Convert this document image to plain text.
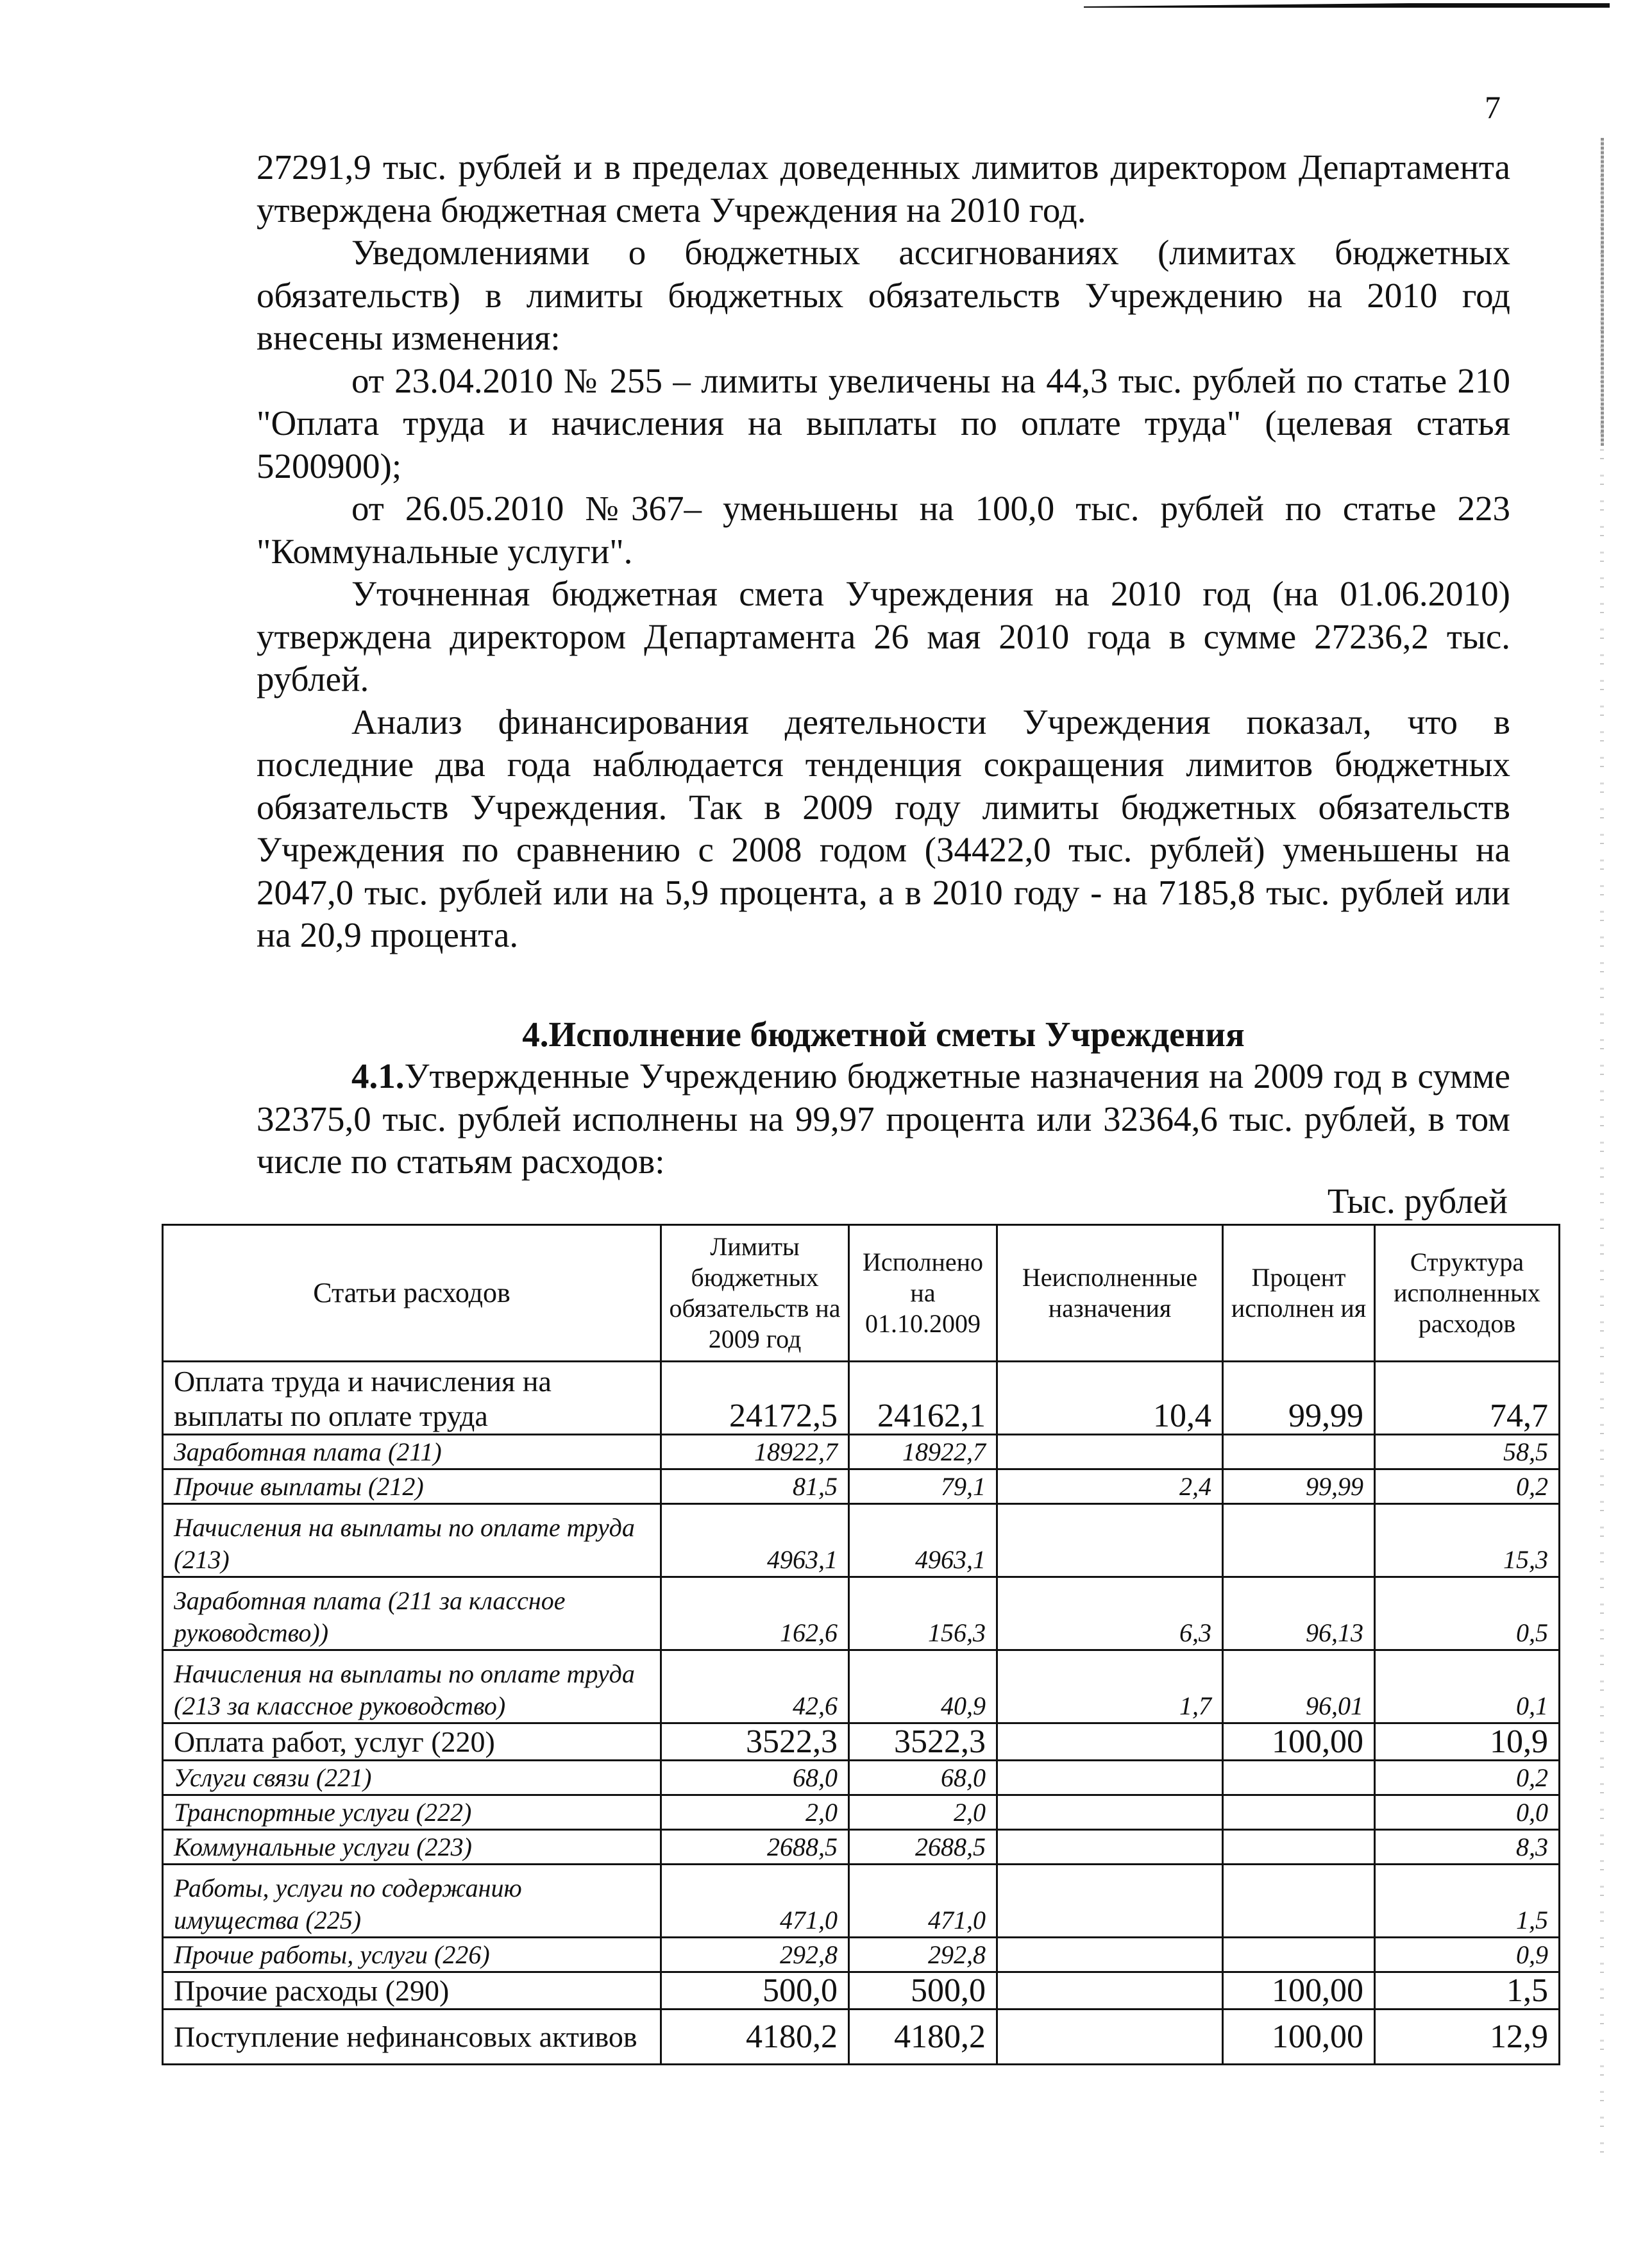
7

27291,9 тыс. рублей и в пределах доведенных лимитов директором Департамента утверждена бюджетная смета Учреждения на 2010 год.

Уведомлениями о бюджетных ассигнованиях (лимитах бюджетных обязательств) в лимиты бюджетных обязательств Учреждению на 2010 год внесены изменения:

от 23.04.2010 № 255 – лимиты увеличены на 44,3 тыс. рублей по статье 210 "Оплата труда и начисления на выплаты по оплате труда" (целевая статья 5200900);

от 26.05.2010 №367– уменьшены на 100,0 тыс. рублей по статье 223 "Коммунальные услуги".

Уточненная бюджетная смета Учреждения на 2010 год (на 01.06.2010) утверждена директором Департамента 26 мая 2010 года в сумме 27236,2 тыс. рублей.

Анализ финансирования деятельности Учреждения показал, что в последние два года наблюдается тенденция сокращения лимитов бюджетных обязательств Учреждения. Так в 2009 году лимиты бюджетных обязательств Учреждения по сравнению с 2008 годом (34422,0 тыс. рублей) уменьшены на 2047,0 тыс. рублей или на 5,9 процента, а в 2010 году - на 7185,8 тыс. рублей или на 20,9 процента.

4.Исполнение бюджетной сметы Учреждения

4.1.Утвержденные Учреждению бюджетные назначения на 2009 год в сумме 32375,0 тыс. рублей исполнены на 99,97 процента или 32364,6 тыс. рублей, в том числе по статьям расходов:

Тыс. рублей
Статьи расходов	Лимиты бюджетных обязательств на 2009 год	Исполнено на 01.10.2009	Неисполненные назначения	Процент исполнен ия	Структура исполненных расходов
Оплата труда и начисления на выплаты по оплате труда	24172,5	24162,1	10,4	99,99	74,7
Заработная плата (211)	18922,7	18922,7			58,5
Прочие выплаты (212)	81,5	79,1	2,4	99,99	0,2
Начисления на выплаты по оплате труда (213)	4963,1	4963,1			15,3
Заработная плата (211 за классное руководство))	162,6	156,3	6,3	96,13	0,5
Начисления на выплаты по оплате труда (213 за классное руководство)	42,6	40,9	1,7	96,01	0,1
Оплата работ, услуг (220)	3522,3	3522,3		100,00	10,9
Услуги связи (221)	68,0	68,0			0,2
Транспортные услуги (222)	2,0	2,0			0,0
Коммунальные услуги (223)	2688,5	2688,5			8,3
Работы, услуги по содержанию имущества (225)	471,0	471,0			1,5
Прочие работы, услуги (226)	292,8	292,8			0,9
Прочие расходы (290)	500,0	500,0		100,00	1,5
Поступление нефинансовых активов	4180,2	4180,2		100,00	12,9
